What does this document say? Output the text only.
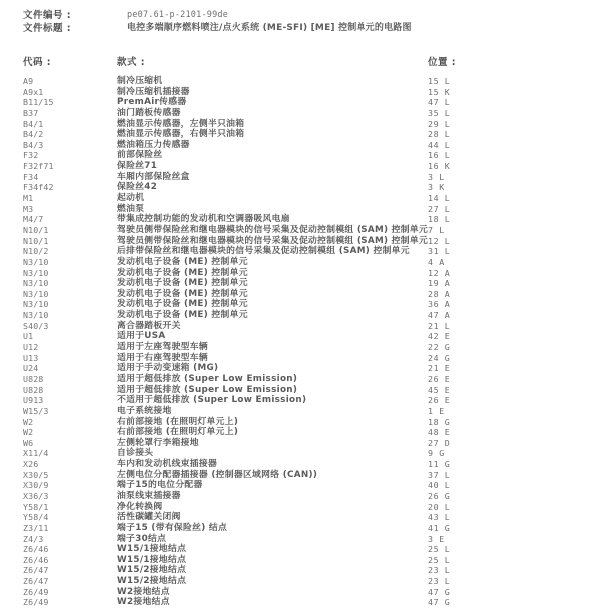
文件编号 :	pe07.61-p-2101-99de
文件标题 :	电控多端顺序燃料喷注/点火系统 (ME-SFI) [ME] 控制单元的电路图
代码 :	款式 :	位置 :
A9	制冷压缩机	15 L
A9x1	制冷压缩机插接器	15 K
B11/15	PremAir传感器	47 L
B37	油门踏板传感器	35 L
B4/1	燃油显示传感器，左侧半只油箱	29 L
B4/2	燃油显示传感器，右侧半只油箱	28 L
B4/3	燃油箱压力传感器	44 L
F32	前部保险丝	16 L
F32f71	保险丝71	16 K
F34	车厢内部保险丝盒	3 L
F34f42	保险丝42	3 K
M1	起动机	14 L
M3	燃油泵	27 L
M4/7	带集成控制功能的发动机和空调器吸风电扇	18 L
N10/1	驾驶员侧带保险丝和继电器模块的信号采集及促动控制模组 (SAM) 控制单元 7 L
N10/1	驾驶员侧带保险丝和继电器模块的信号采集及促动控制模组 (SAM) 控制单元 12 L
N10/2	后排带保险丝和继电器模块的信号采集及促动控制模组 (SAM) 控制单元	31 L
N3/10	发动机电子设备 (ME) 控制单元	4 A
N3/10	发动机电子设备 (ME) 控制单元	12 A
N3/10	发动机电子设备 (ME) 控制单元	19 A
N3/10	发动机电子设备 (ME) 控制单元	28 A
N3/10	发动机电子设备 (ME) 控制单元	36 A
N3/10	发动机电子设备 (ME) 控制单元	47 A
S40/3	离合器踏板开关	21 L
U1	适用于USA	42 E
U12	适用于左座驾驶型车辆	22 G
U13	适用于右座驾驶型车辆	24 G
U24	适用于手动变速箱 (MG)	21 E
U828	适用于超低排放 (Super Low Emission)	26 E
U828	适用于超低排放 (Super Low Emission)	45 E
U913	不适用于超低排放 (Super Low Emission)	26 E
W15/3	电子系统接地	1 E
W2	右前部接地 (在照明灯单元上)	18 G
W2	右前部接地 (在照明灯单元上)	48 E
W6	左侧轮罩行李箱接地	27 D
X11/4	自诊接头	9 G
X26	车内和发动机线束插接器	11 G
X30/5	左侧电位分配器插接器 (控制器区域网络 (CAN))	37 L
X30/9	端子15的电位分配器	40 L
X36/3	油泵线束插接器	26 G
Y58/1	净化转换阀	20 L
Y58/4	活性碳罐关闭阀	43 L
Z3/11	端子15 (带有保险丝) 结点	41 G
Z4/3	端子30结点	3 E
Z6/46	W15/1接地结点	25 L
Z6/46	W15/1接地结点	25 L
Z6/47	W15/2接地结点	23 L
Z6/47	W15/2接地结点	23 L
Z6/49	W2接地结点	47 G
Z6/49	W2接地结点	47 G
